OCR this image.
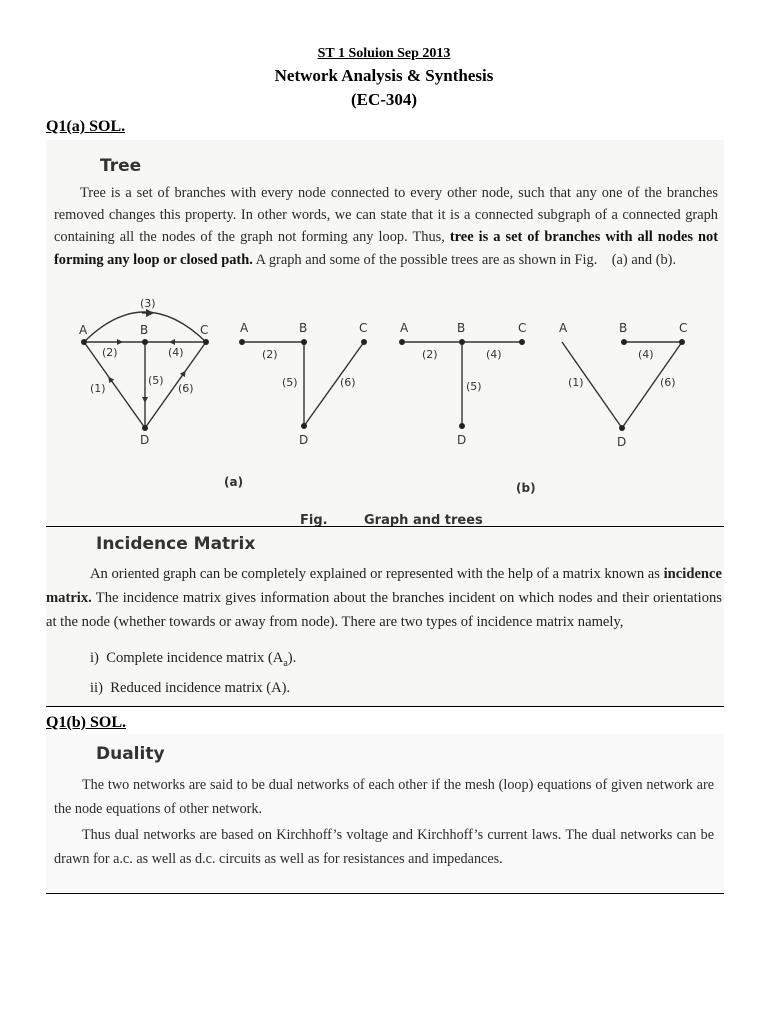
ST 1 Soluion Sep 2013
Network Analysis & Synthesis
(EC-304)
Q1(a) SOL.
Tree
Tree is a set of branches with every node connected to every other node, such that any one of the branches removed changes this property. In other words, we can state that it is a connected subgraph of a connected graph containing all the nodes of the graph not forming any loop. Thus, tree is a set of branches with all nodes not forming any loop or closed path. A graph and some of the possible trees are as shown in Fig. (a) and (b).
A	B	C
D
(3)
(2)	(4)
(1)
(5)
(6)
A	B	C
D
(2)
(5)	(6)
A	B	C
D
(2)	(4)
(5)
A	B	C
D
(4)
(1)	(6)
(a)	(b)
Fig.	Graph and trees
Incidence Matrix
An oriented graph can be completely explained or represented with the help of a matrix known as incidence matrix. The incidence matrix gives information about the branches incident on which nodes and their orientations at the node (whether towards or away from node). There are two types of incidence matrix namely,
i) Complete incidence matrix $(A_a)$.
ii) Reduced incidence matrix (A).
Q1(b) SOL.
Duality
The two networks are said to be dual networks of each other if the mesh (loop) equations of given network are the node equations of other network.
Thus dual networks are based on Kirchhoff’s voltage and Kirchhoff’s current laws. The dual networks can be drawn for a.c. as well as d.c. circuits as well as for resistances and impedances.
